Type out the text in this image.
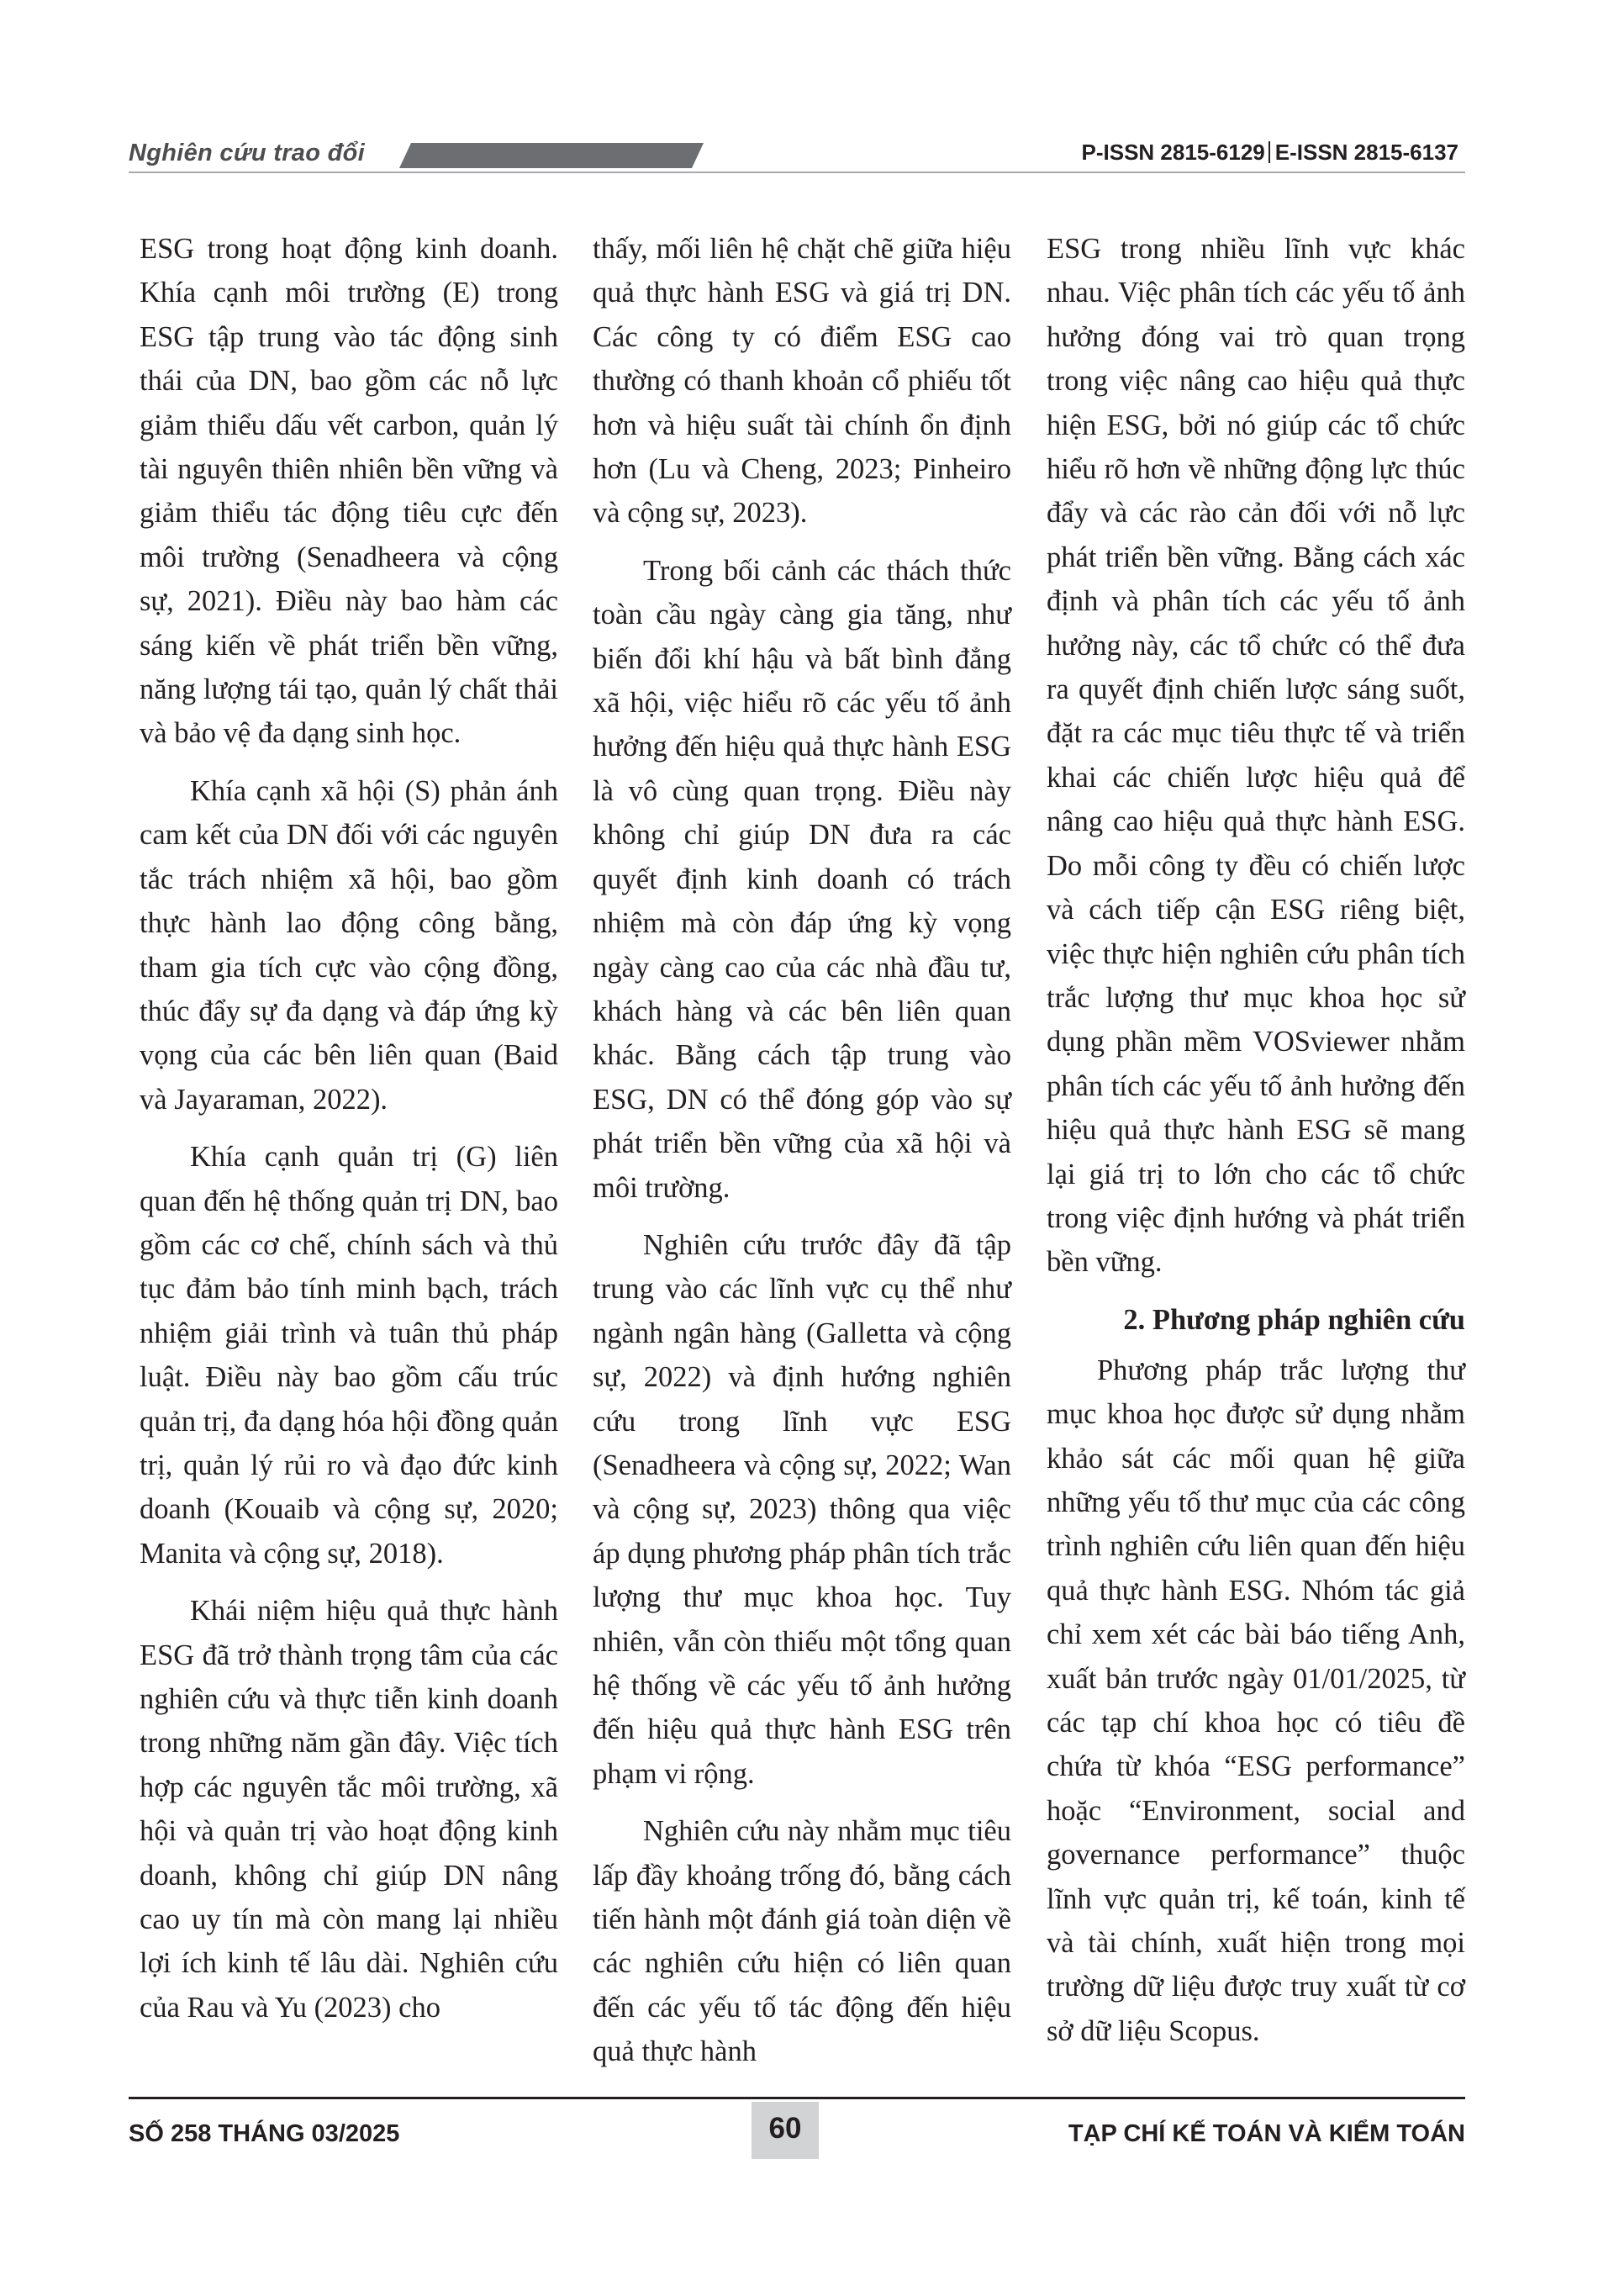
Nghiên cứu trao đổi	P-ISSN 2815-6129 E-ISSN 2815-6137

ESG trong hoạt động kinh doanh. Khía cạnh môi trường (E) trong ESG tập trung vào tác động sinh thái của DN, bao gồm các nỗ lực giảm thiểu dấu vết carbon, quản lý tài nguyên thiên nhiên bền vững và giảm thiểu tác động tiêu cực đến môi trường (Senadheera và cộng sự, 2021). Điều này bao hàm các sáng kiến về phát triển bền vững, năng lượng tái tạo, quản lý chất thải và bảo vệ đa dạng sinh học.

Khía cạnh xã hội (S) phản ánh cam kết của DN đối với các nguyên tắc trách nhiệm xã hội, bao gồm thực hành lao động công bằng, tham gia tích cực vào cộng đồng, thúc đẩy sự đa dạng và đáp ứng kỳ vọng của các bên liên quan (Baid và Jayaraman, 2022).

Khía cạnh quản trị (G) liên quan đến hệ thống quản trị DN, bao gồm các cơ chế, chính sách và thủ tục đảm bảo tính minh bạch, trách nhiệm giải trình và tuân thủ pháp luật. Điều này bao gồm cấu trúc quản trị, đa dạng hóa hội đồng quản trị, quản lý rủi ro và đạo đức kinh doanh (Kouaib và cộng sự, 2020; Manita và cộng sự, 2018).

Khái niệm hiệu quả thực hành ESG đã trở thành trọng tâm của các nghiên cứu và thực tiễn kinh doanh trong những năm gần đây. Việc tích hợp các nguyên tắc môi trường, xã hội và quản trị vào hoạt động kinh doanh, không chỉ giúp DN nâng cao uy tín mà còn mang lại nhiều lợi ích kinh tế lâu dài. Nghiên cứu của Rau và Yu (2023) cho

thấy, mối liên hệ chặt chẽ giữa hiệu quả thực hành ESG và giá trị DN. Các công ty có điểm ESG cao thường có thanh khoản cổ phiếu tốt hơn và hiệu suất tài chính ổn định hơn (Lu và Cheng, 2023; Pinheiro và cộng sự, 2023).

Trong bối cảnh các thách thức toàn cầu ngày càng gia tăng, như biến đổi khí hậu và bất bình đẳng xã hội, việc hiểu rõ các yếu tố ảnh hưởng đến hiệu quả thực hành ESG là vô cùng quan trọng. Điều này không chỉ giúp DN đưa ra các quyết định kinh doanh có trách nhiệm mà còn đáp ứng kỳ vọng ngày càng cao của các nhà đầu tư, khách hàng và các bên liên quan khác. Bằng cách tập trung vào ESG, DN có thể đóng góp vào sự phát triển bền vững của xã hội và môi trường.

Nghiên cứu trước đây đã tập trung vào các lĩnh vực cụ thể như ngành ngân hàng (Galletta và cộng sự, 2022) và định hướng nghiên cứu trong lĩnh vực ESG (Senadheera và cộng sự, 2022; Wan và cộng sự, 2023) thông qua việc áp dụng phương pháp phân tích trắc lượng thư mục khoa học. Tuy nhiên, vẫn còn thiếu một tổng quan hệ thống về các yếu tố ảnh hưởng đến hiệu quả thực hành ESG trên phạm vi rộng.

Nghiên cứu này nhằm mục tiêu lấp đầy khoảng trống đó, bằng cách tiến hành một đánh giá toàn diện về các nghiên cứu hiện có liên quan đến các yếu tố tác động đến hiệu quả thực hành

ESG trong nhiều lĩnh vực khác nhau. Việc phân tích các yếu tố ảnh hưởng đóng vai trò quan trọng trong việc nâng cao hiệu quả thực hiện ESG, bởi nó giúp các tổ chức hiểu rõ hơn về những động lực thúc đẩy và các rào cản đối với nỗ lực phát triển bền vững. Bằng cách xác định và phân tích các yếu tố ảnh hưởng này, các tổ chức có thể đưa ra quyết định chiến lược sáng suốt, đặt ra các mục tiêu thực tế và triển khai các chiến lược hiệu quả để nâng cao hiệu quả thực hành ESG. Do mỗi công ty đều có chiến lược và cách tiếp cận ESG riêng biệt, việc thực hiện nghiên cứu phân tích trắc lượng thư mục khoa học sử dụng phần mềm VOSviewer nhằm phân tích các yếu tố ảnh hưởng đến hiệu quả thực hành ESG sẽ mang lại giá trị to lớn cho các tổ chức trong việc định hướng và phát triển bền vững.

2. Phương pháp nghiên cứu

Phương pháp trắc lượng thư mục khoa học được sử dụng nhằm khảo sát các mối quan hệ giữa những yếu tố thư mục của các công trình nghiên cứu liên quan đến hiệu quả thực hành ESG. Nhóm tác giả chỉ xem xét các bài báo tiếng Anh, xuất bản trước ngày 01/01/2025, từ các tạp chí khoa học có tiêu đề chứa từ khóa “ESG performance” hoặc “Environment, social and governance performance” thuộc lĩnh vực quản trị, kế toán, kinh tế và tài chính, xuất hiện trong mọi trường dữ liệu được truy xuất từ cơ sở dữ liệu Scopus.

SỐ 258 THÁNG 03/2025	60	TẠP CHÍ KẾ TOÁN VÀ KIỂM TOÁN
